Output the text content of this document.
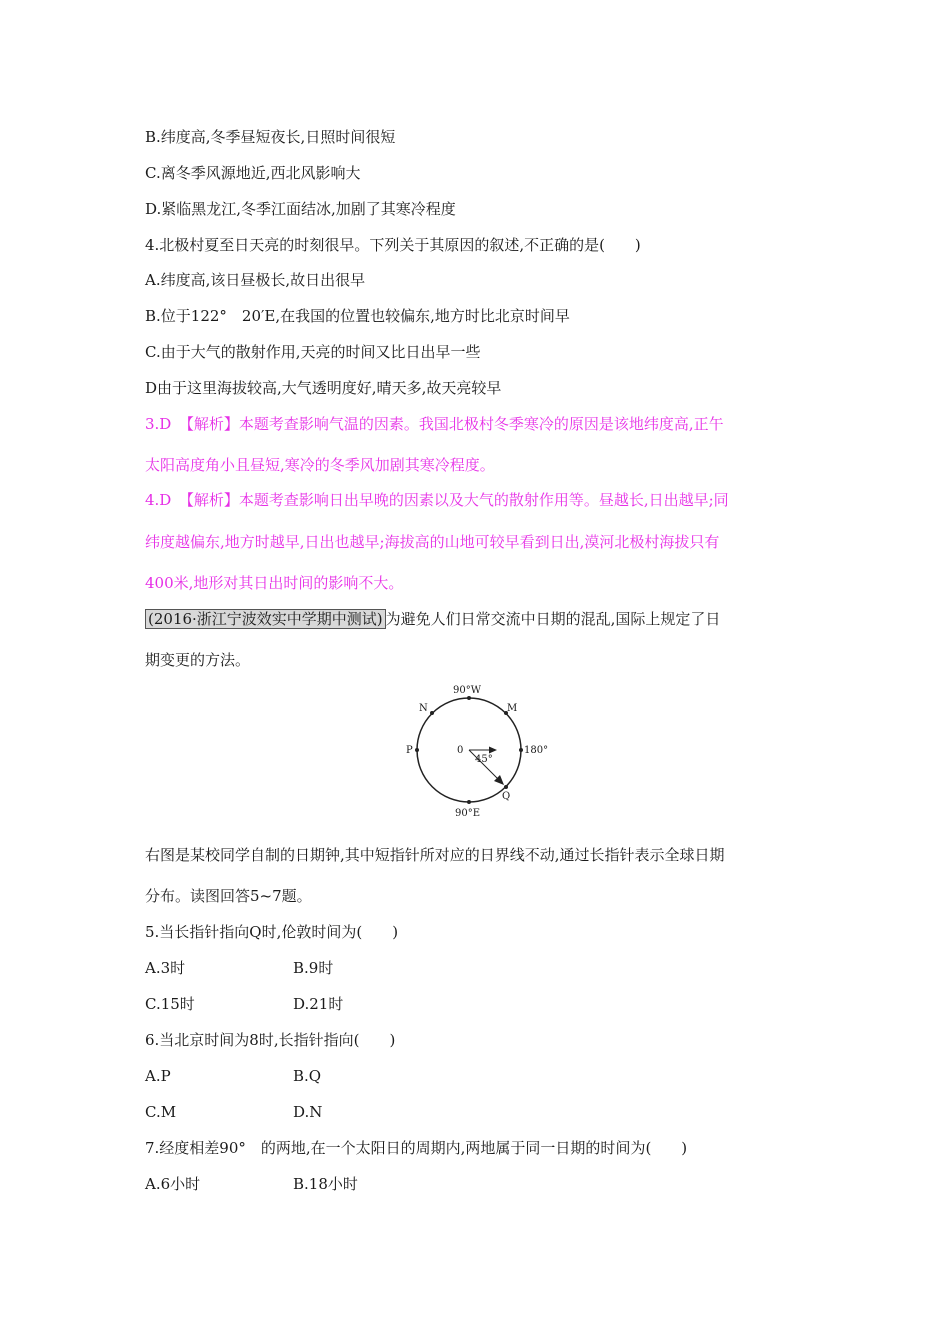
B.纬度高,冬季昼短夜长,日照时间很短
C.离冬季风源地近,西北风影响大
D.紧临黑龙江,冬季江面结冰,加剧了其寒冷程度
4.北极村夏至日天亮的时刻很早。下列关于其原因的叙述,不正确的是(　　)
A.纬度高,该日昼极长,故日出很早
B.位于122°　20′E,在我国的位置也较偏东,地方时比北京时间早
C.由于大气的散射作用,天亮的时间又比日出早一些
D由于这里海拔较高,大气透明度好,晴天多,故天亮较早
3.D　【解析】本题考查影响气温的因素。我国北极村冬季寒冷的原因是该地纬度高,正午
太阳高度角小且昼短,寒冷的冬季风加剧其寒冷程度。
4.D　【解析】本题考查影响日出早晚的因素以及大气的散射作用等。昼越长,日出越早;同
纬度越偏东,地方时越早,日出也越早;海拔高的山地可较早看到日出,漠河北极村海拔只有
400米,地形对其日出时间的影响不大。
(2016·浙江宁波效实中学期中测试) 为避免人们日常交流中日期的混乱,国际上规定了日
期变更的方法。
90°W
90°E
180°
0
45°
N	M
P
Q
右图是某校同学自制的日期钟,其中短指针所对应的日界线不动,通过长指针表示全球日期
分布。读图回答5~7题。
5.当长指针指向Q时,伦敦时间为(　　)
A.3时	B.9时
C.15时	D.21时
6.当北京时间为8时,长指针指向(　　)
A.P	B.Q
C.M	D.N
7.经度相差90°　的两地,在一个太阳日的周期内,两地属于同一日期的时间为(　　)
A.6小时	B.18小时
